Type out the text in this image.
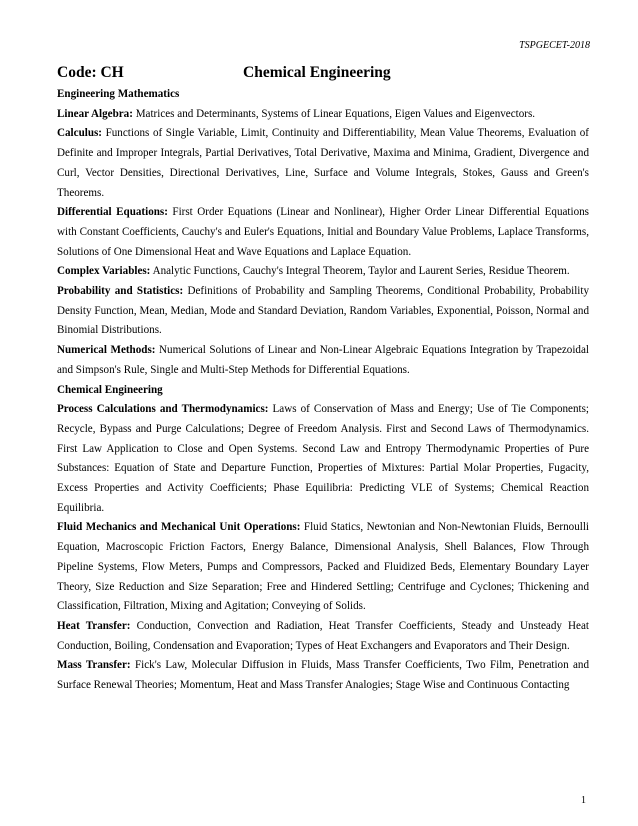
TSPGECET-2018
Code: CH	Chemical Engineering

Engineering Mathematics

Linear Algebra: Matrices and Determinants, Systems of Linear Equations, Eigen Values and Eigenvectors.

Calculus: Functions of Single Variable, Limit, Continuity and Differentiability, Mean Value Theorems, Evaluation of Definite and Improper Integrals, Partial Derivatives, Total Derivative, Maxima and Minima, Gradient, Divergence and Curl, Vector Densities, Directional Derivatives, Line, Surface and Volume Integrals, Stokes, Gauss and Green's Theorems.

Differential Equations: First Order Equations (Linear and Nonlinear), Higher Order Linear Differential Equations with Constant Coefficients, Cauchy's and Euler's Equations, Initial and Boundary Value Problems, Laplace Transforms, Solutions of One Dimensional Heat and Wave Equations and Laplace Equation.

Complex Variables: Analytic Functions, Cauchy's Integral Theorem, Taylor and Laurent Series, Residue Theorem.

Probability and Statistics: Definitions of Probability and Sampling Theorems, Conditional Probability, Probability Density Function, Mean, Median, Mode and Standard Deviation, Random Variables, Exponential, Poisson, Normal and Binomial Distributions.

Numerical Methods: Numerical Solutions of Linear and Non-Linear Algebraic Equations Integration by Trapezoidal and Simpson's Rule, Single and Multi-Step Methods for Differential Equations.

Chemical Engineering

Process Calculations and Thermodynamics: Laws of Conservation of Mass and Energy; Use of Tie Components; Recycle, Bypass and Purge Calculations; Degree of Freedom Analysis. First and Second Laws of Thermodynamics. First Law Application to Close and Open Systems. Second Law and Entropy Thermodynamic Properties of Pure Substances: Equation of State and Departure Function, Properties of Mixtures: Partial Molar Properties, Fugacity, Excess Properties and Activity Coefficients; Phase Equilibria: Predicting VLE of Systems; Chemical Reaction Equilibria.

Fluid Mechanics and Mechanical Unit Operations: Fluid Statics, Newtonian and Non-Newtonian Fluids, Bernoulli Equation, Macroscopic Friction Factors, Energy Balance, Dimensional Analysis, Shell Balances, Flow Through Pipeline Systems, Flow Meters, Pumps and Compressors, Packed and Fluidized Beds, Elementary Boundary Layer Theory, Size Reduction and Size Separation; Free and Hindered Settling; Centrifuge and Cyclones; Thickening and Classification, Filtration, Mixing and Agitation; Conveying of Solids.

Heat Transfer: Conduction, Convection and Radiation, Heat Transfer Coefficients, Steady and Unsteady Heat Conduction, Boiling, Condensation and Evaporation; Types of Heat Exchangers and Evaporators and Their Design.

Mass Transfer: Fick's Law, Molecular Diffusion in Fluids, Mass Transfer Coefficients, Two Film, Penetration and Surface Renewal Theories; Momentum, Heat and Mass Transfer Analogies; Stage Wise and Continuous Contacting

1
